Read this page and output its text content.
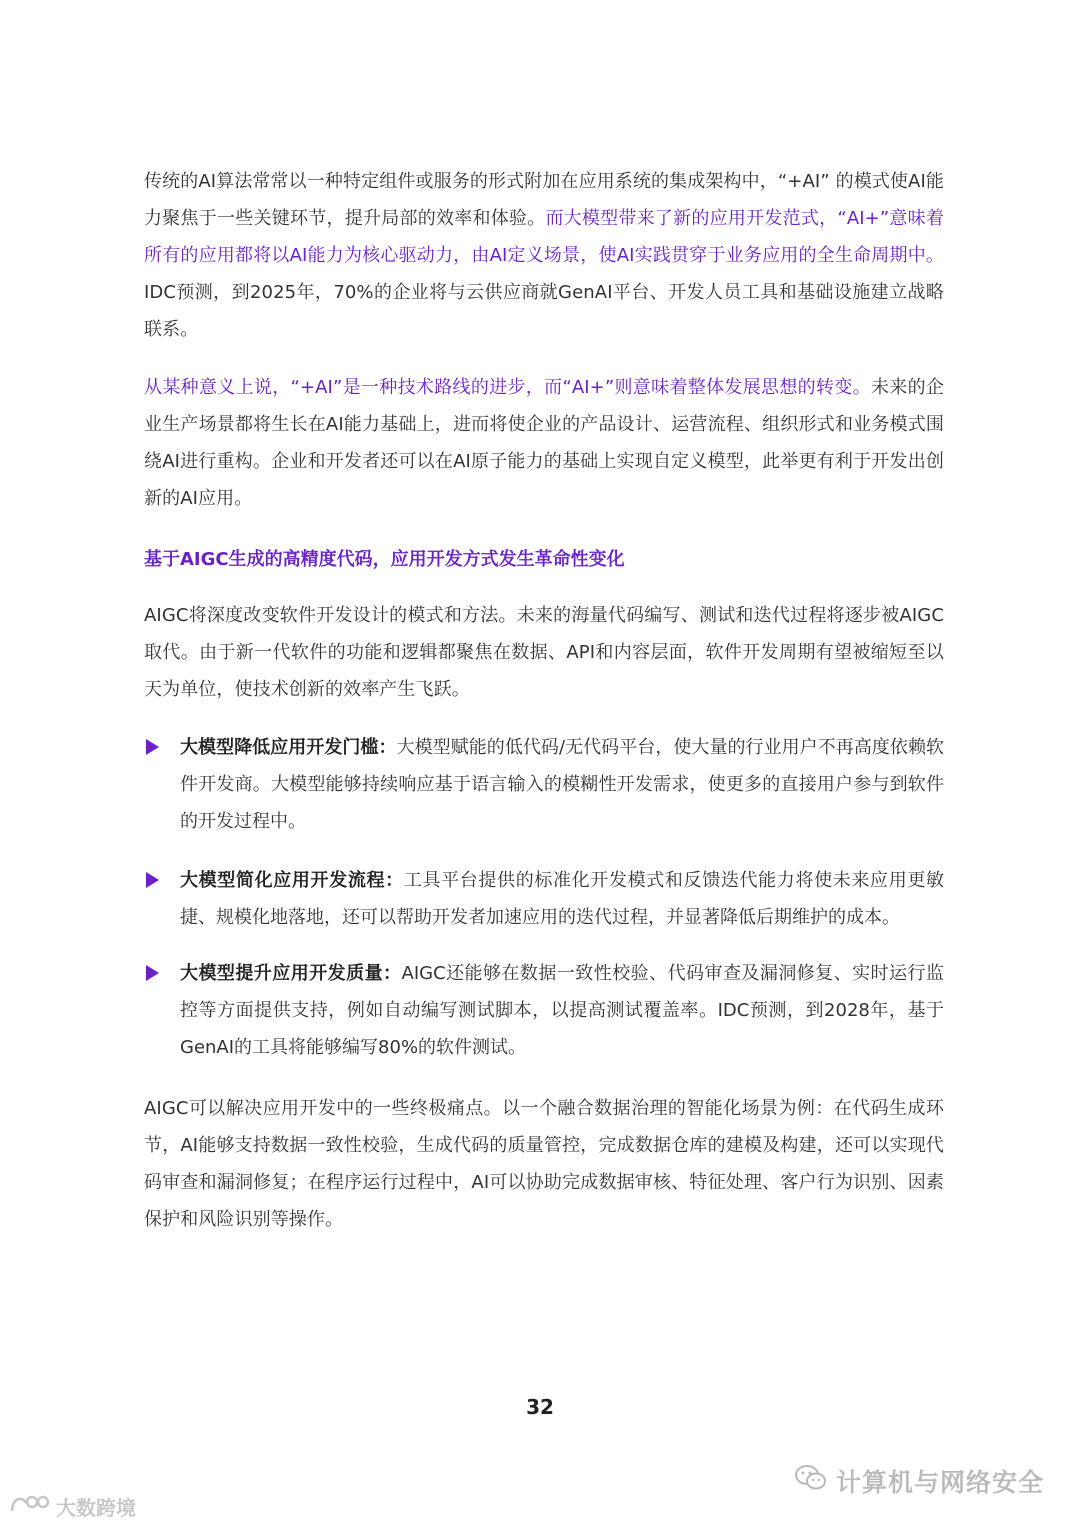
传统的AI算法常常以一种特定组件或服务的形式附加在应用系统的集成架构中，“+AI” 的模式使AI能力聚焦于一些关键环节，提升局部的效率和体验。而大模型带来了新的应用开发范式，“AI+”意味着所有的应用都将以AI能力为核心驱动力，由AI定义场景，使AI实践贯穿于业务应用的全生命周期中。IDC预测，到2025年，70%的企业将与云供应商就GenAI平台、开发人员工具和基础设施建立战略联系。

从某种意义上说，“+AI”是一种技术路线的进步，而“AI+”则意味着整体发展思想的转变。未来的企业生产场景都将生长在AI能力基础上，进而将使企业的产品设计、运营流程、组织形式和业务模式围绕AI进行重构。企业和开发者还可以在AI原子能力的基础上实现自定义模型，此举更有利于开发出创新的AI应用。

基于AIGC生成的高精度代码，应用开发方式发生革命性变化

AIGC将深度改变软件开发设计的模式和方法。未来的海量代码编写、测试和迭代过程将逐步被AIGC取代。由于新一代软件的功能和逻辑都聚焦在数据、API和内容层面，软件开发周期有望被缩短至以天为单位，使技术创新的效率产生飞跃。

大模型降低应用开发门槛：大模型赋能的低代码/无代码平台，使大量的行业用户不再高度依赖软件开发商。大模型能够持续响应基于语言输入的模糊性开发需求，使更多的直接用户参与到软件的开发过程中。

大模型简化应用开发流程：工具平台提供的标准化开发模式和反馈迭代能力将使未来应用更敏捷、规模化地落地，还可以帮助开发者加速应用的迭代过程，并显著降低后期维护的成本。

大模型提升应用开发质量：AIGC还能够在数据一致性校验、代码审查及漏洞修复、实时运行监控等方面提供支持，例如自动编写测试脚本，以提高测试覆盖率。IDC预测，到2028年，基于GenAI的工具将能够编写80%的软件测试。

AIGC可以解决应用开发中的一些终极痛点。以一个融合数据治理的智能化场景为例：在代码生成环节，AI能够支持数据一致性校验，生成代码的质量管控，完成数据仓库的建模及构建，还可以实现代码审查和漏洞修复；在程序运行过程中，AI可以协助完成数据审核、特征处理、客户行为识别、因素保护和风险识别等操作。

32
计算机与网络安全
大数跨境
